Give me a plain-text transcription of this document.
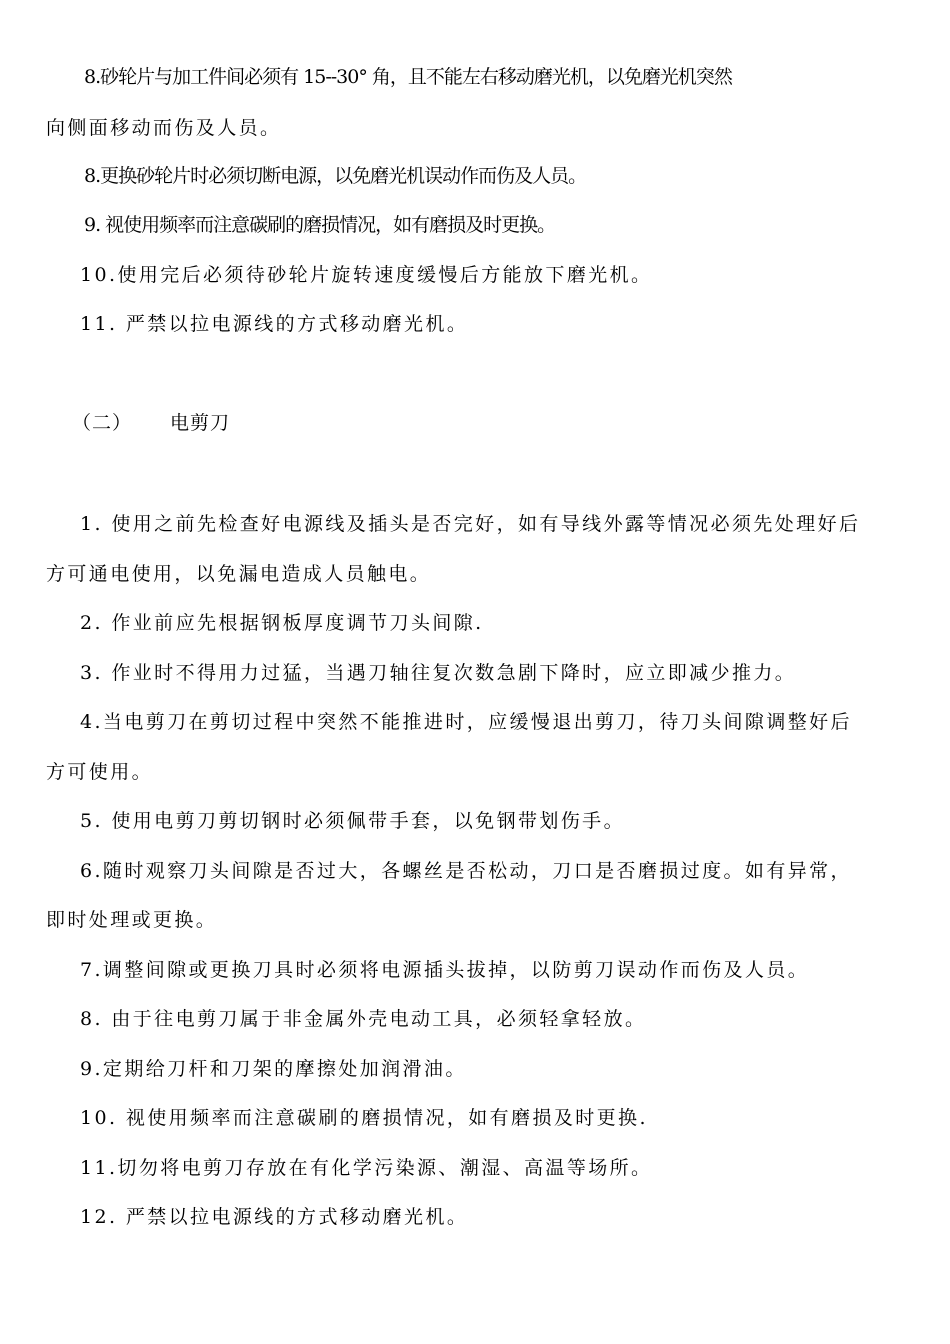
8.砂轮片与加工件间必须有 15--30° 角，且不能左右移动磨光机，以免磨光机突然
向侧面移动而伤及人员。
8.更换砂轮片时必须切断电源，以免磨光机误动作而伤及人员。
9. 视使用频率而注意碳刷的磨损情况，如有磨损及时更换。
10.使用完后必须待砂轮片旋转速度缓慢后方能放下磨光机。
11. 严禁以拉电源线的方式移动磨光机。
（二） 电剪刀
1. 使用之前先检查好电源线及插头是否完好，如有导线外露等情况必须先处理好后
方可通电使用，以免漏电造成人员触电。
2. 作业前应先根据钢板厚度调节刀头间隙.
3. 作业时不得用力过猛，当遇刀轴往复次数急剧下降时，应立即减少推力。
4.当电剪刀在剪切过程中突然不能推进时，应缓慢退出剪刀，待刀头间隙调整好后
方可使用。
5. 使用电剪刀剪切钢时必须佩带手套，以免钢带划伤手。
6.随时观察刀头间隙是否过大，各螺丝是否松动，刀口是否磨损过度。如有异常，
即时处理或更换。
7.调整间隙或更换刀具时必须将电源插头拔掉，以防剪刀误动作而伤及人员。
8. 由于往电剪刀属于非金属外壳电动工具，必须轻拿轻放。
9.定期给刀杆和刀架的摩擦处加润滑油。
10. 视使用频率而注意碳刷的磨损情况，如有磨损及时更换.
11.切勿将电剪刀存放在有化学污染源、潮湿、高温等场所。
12. 严禁以拉电源线的方式移动磨光机。
